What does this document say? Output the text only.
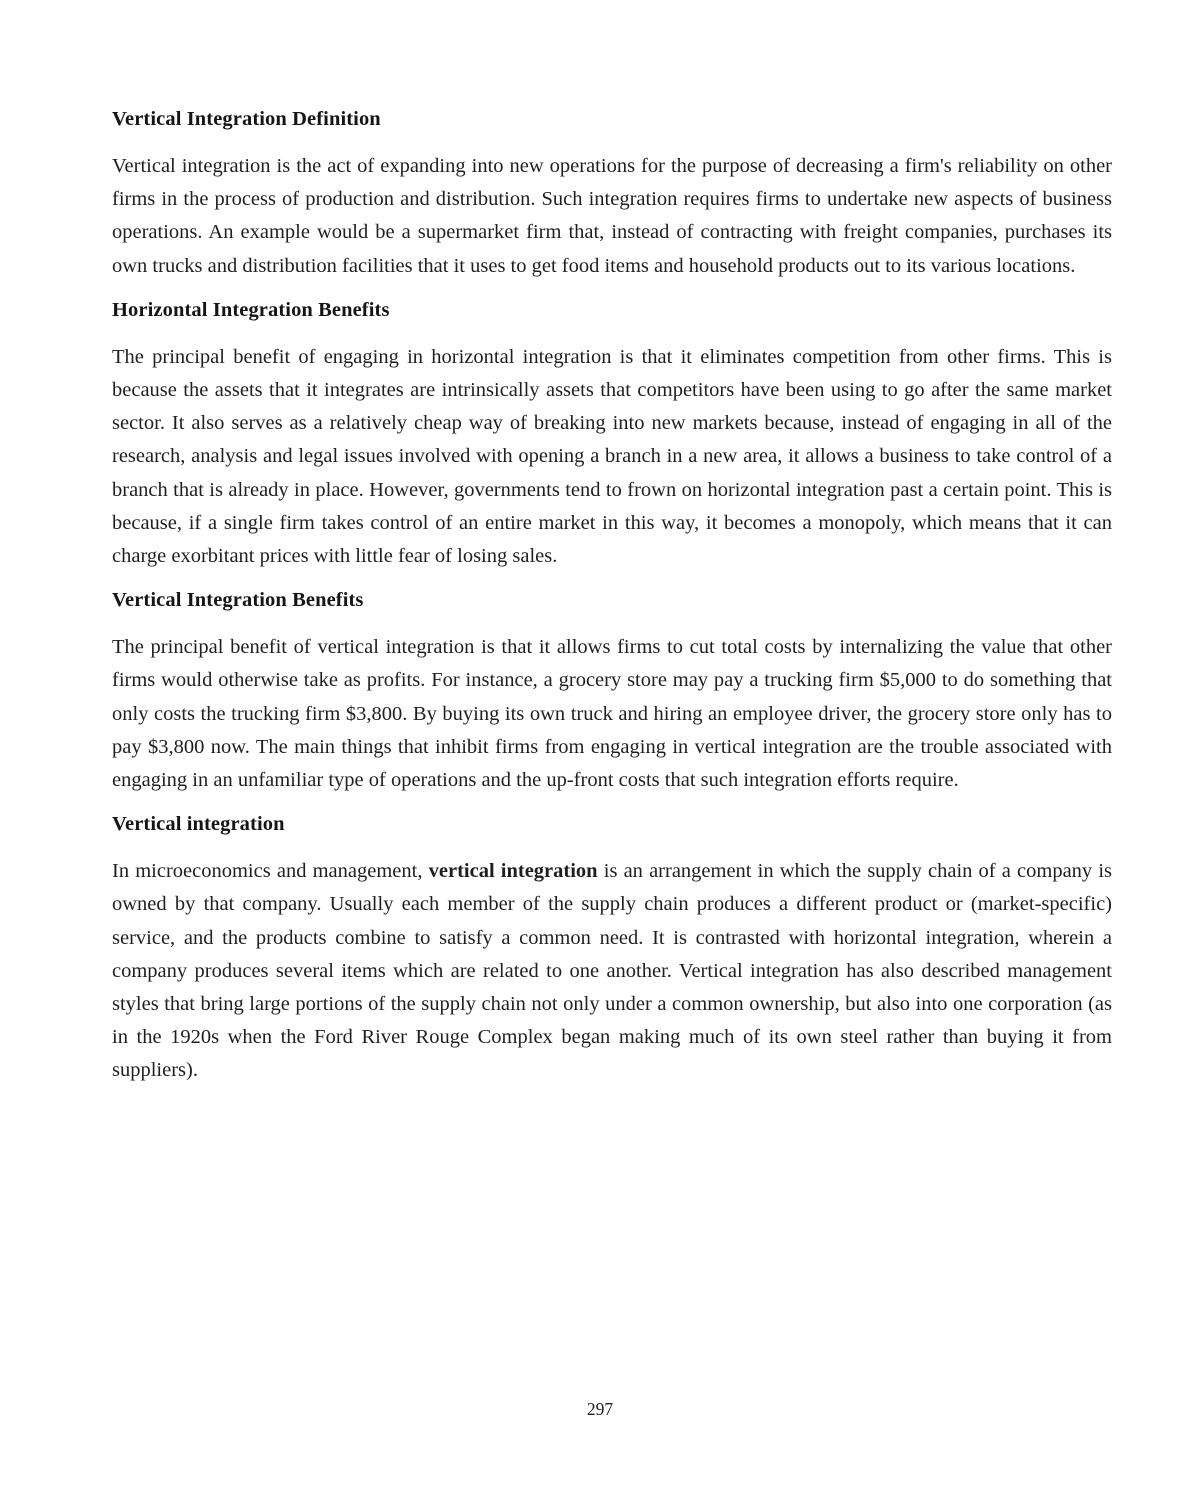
Vertical Integration Definition

Vertical integration is the act of expanding into new operations for the purpose of decreasing a firm's reliability on other firms in the process of production and distribution. Such integration requires firms to undertake new aspects of business operations. An example would be a supermarket firm that, instead of contracting with freight companies, purchases its own trucks and distribution facilities that it uses to get food items and household products out to its various locations.

Horizontal Integration Benefits

The principal benefit of engaging in horizontal integration is that it eliminates competition from other firms. This is because the assets that it integrates are intrinsically assets that competitors have been using to go after the same market sector. It also serves as a relatively cheap way of breaking into new markets because, instead of engaging in all of the research, analysis and legal issues involved with opening a branch in a new area, it allows a business to take control of a branch that is already in place. However, governments tend to frown on horizontal integration past a certain point. This is because, if a single firm takes control of an entire market in this way, it becomes a monopoly, which means that it can charge exorbitant prices with little fear of losing sales.

Vertical Integration Benefits

The principal benefit of vertical integration is that it allows firms to cut total costs by internalizing the value that other firms would otherwise take as profits. For instance, a grocery store may pay a trucking firm $5,000 to do something that only costs the trucking firm $3,800. By buying its own truck and hiring an employee driver, the grocery store only has to pay $3,800 now. The main things that inhibit firms from engaging in vertical integration are the trouble associated with engaging in an unfamiliar type of operations and the up-front costs that such integration efforts require.

Vertical integration

In microeconomics and management, vertical integration is an arrangement in which the supply chain of a company is owned by that company. Usually each member of the supply chain produces a different product or (market-specific) service, and the products combine to satisfy a common need. It is contrasted with horizontal integration, wherein a company produces several items which are related to one another. Vertical integration has also described management styles that bring large portions of the supply chain not only under a common ownership, but also into one corporation (as in the 1920s when the Ford River Rouge Complex began making much of its own steel rather than buying it from suppliers).

297
